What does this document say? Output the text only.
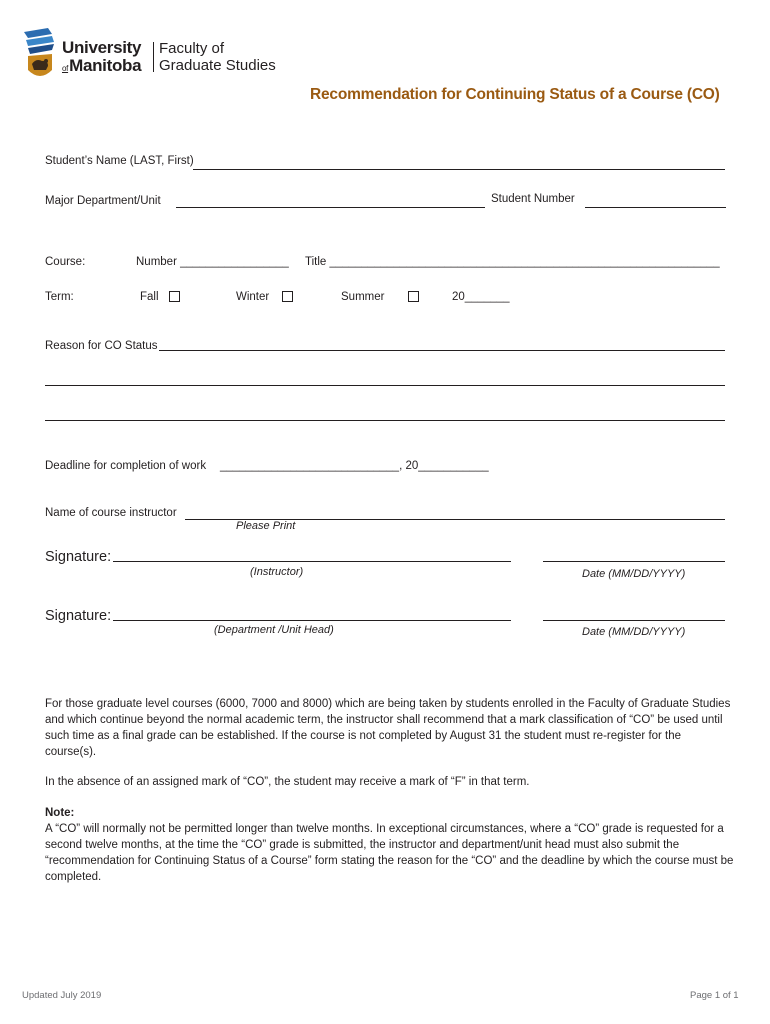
University
ofManitoba
Faculty of
Graduate Studies
Recommendation for Continuing Status of a Course (CO)
Student’s Name (LAST, First)
Major Department/Unit	Student Number
Course:	Number _________________ Title _____________________________________________________________
Term:	Fall	Winter	Summer	20_______
Reason for CO Status
Deadline for completion of work ____________________________, 20___________
Name of course instructor
Please Print
Signature:
(Instructor)	Date (MM/DD/YYYY)
Signature:
(Department /Unit Head)	Date (MM/DD/YYYY)
For those graduate level courses (6000, 7000 and 8000) which are being taken by students enrolled in the Faculty of Graduate Studies and which continue beyond the normal academic term, the instructor shall recommend that a mark classification of “CO” be used until such time as a final grade can be established. If the course is not completed by August 31 the student must re-register for the course(s).
In the absence of an assigned mark of “CO”, the student may receive a mark of “F” in that term.
Note:
A “CO” will normally not be permitted longer than twelve months. In exceptional circumstances, where a “CO” grade is requested for a second twelve months, at the time the “CO” grade is submitted, the instructor and department/unit head must also submit the “recommendation for Continuing Status of a Course” form stating the reason for the “CO” and the deadline by which the course must be completed.
Updated July 2019	Page 1 of 1
